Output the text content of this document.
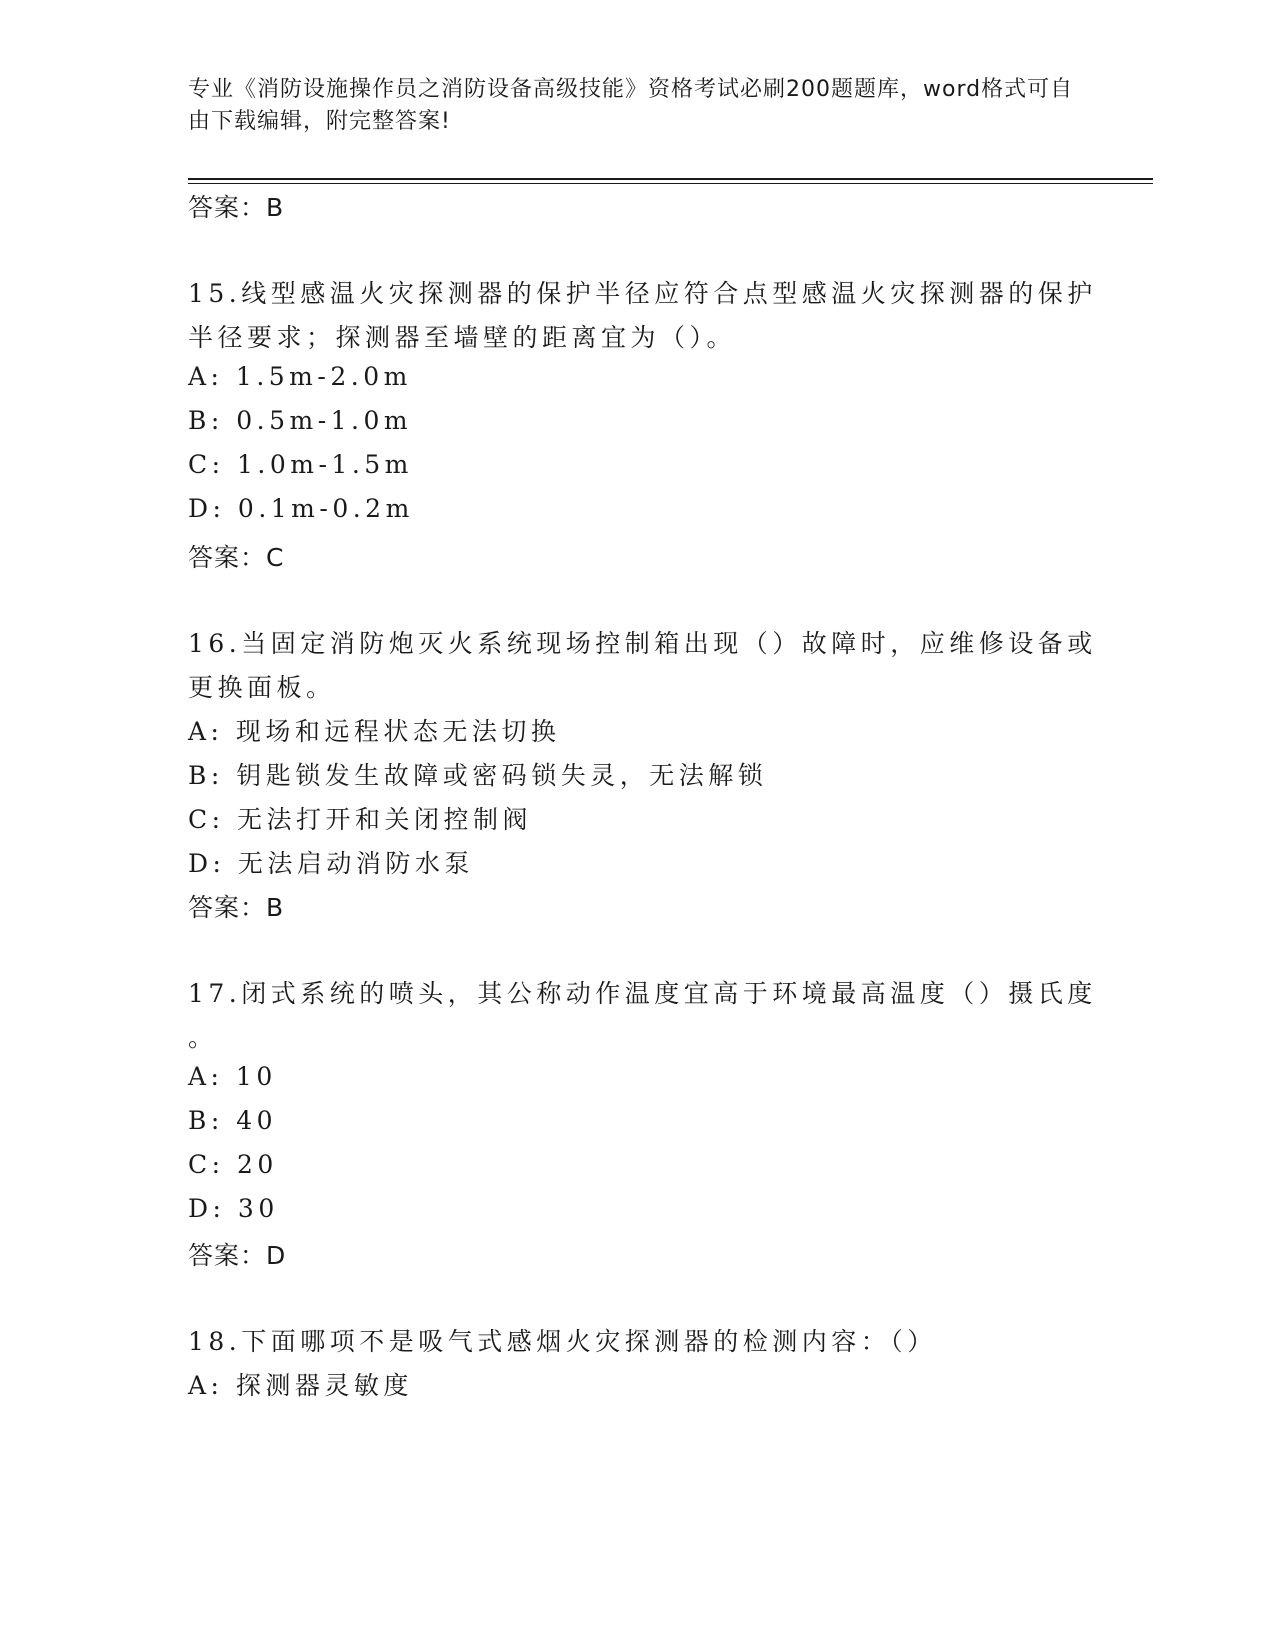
专业《消防设施操作员之消防设备高级技能》资格考试必刷200题题库，word格式可自由下载编辑，附完整答案!
答案：B
15.线型感温火灾探测器的保护半径应符合点型感温火灾探测器的保护
半径要求；探测器至墙壁的距离宜为（）。
A: 1.5m-2.0m
B: 0.5m-1.0m
C: 1.0m-1.5m
D: 0.1m-0.2m
答案：C
16.当固定消防炮灭火系统现场控制箱出现（）故障时，应维修设备或
更换面板。
A: 现场和远程状态无法切换
B: 钥匙锁发生故障或密码锁失灵，无法解锁
C: 无法打开和关闭控制阀
D: 无法启动消防水泵
答案：B
17.闭式系统的喷头，其公称动作温度宜高于环境最高温度（）摄氏度
。
A: 10
B: 40
C: 20
D: 30
答案：D
18.下面哪项不是吸气式感烟火灾探测器的检测内容：（）
A: 探测器灵敏度
